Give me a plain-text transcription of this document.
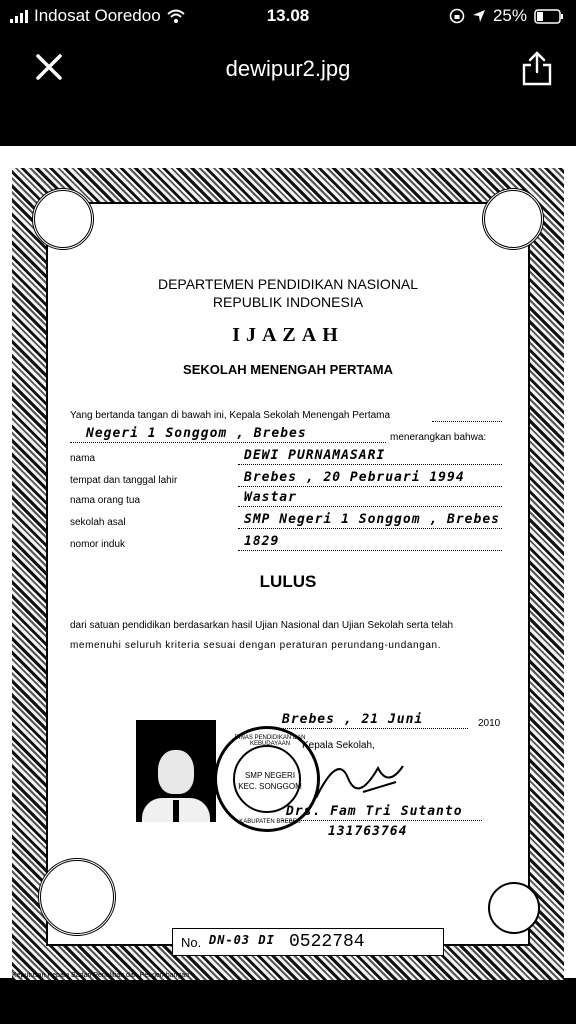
Indosat Ooredoo	13.08	25%
dewipur2.jpg
DEPARTEMEN PENDIDIKAN NASIONAL
REPUBLIK INDONESIA
IJAZAH
SEKOLAH MENENGAH PERTAMA
Yang bertanda tangan di bawah ini, Kepala Sekolah Menengah Pertama
Negeri 1 Songgom , Brebes	menerangkan bahwa:
nama	DEWI PURNAMASARI
tempat dan tanggal lahir	Brebes , 20 Pebruari 1994
nama orang tua	Wastar
sekolah asal	SMP Negeri 1 Songgom , Brebes
nomor induk	1829
LULUS
dari satuan pendidikan berdasarkan hasil Ujian Nasional dan Ujian Sekolah serta telah
memenuhi seluruh kriteria sesuai dengan peraturan perundang-undangan.
Brebes , 21 Juni	2010
Kepala Sekolah,
DINAS PENDIDIKAN DAN KEBUDAYAAN
SMP NEGERI
KEC. SONGGOM
KABUPATEN BREBES
Drs. Fam Tri Sutanto
131763764
No. DN-03 DI 0522784
Keputusan Kepala Badan Penelitian dan Pengembangan
